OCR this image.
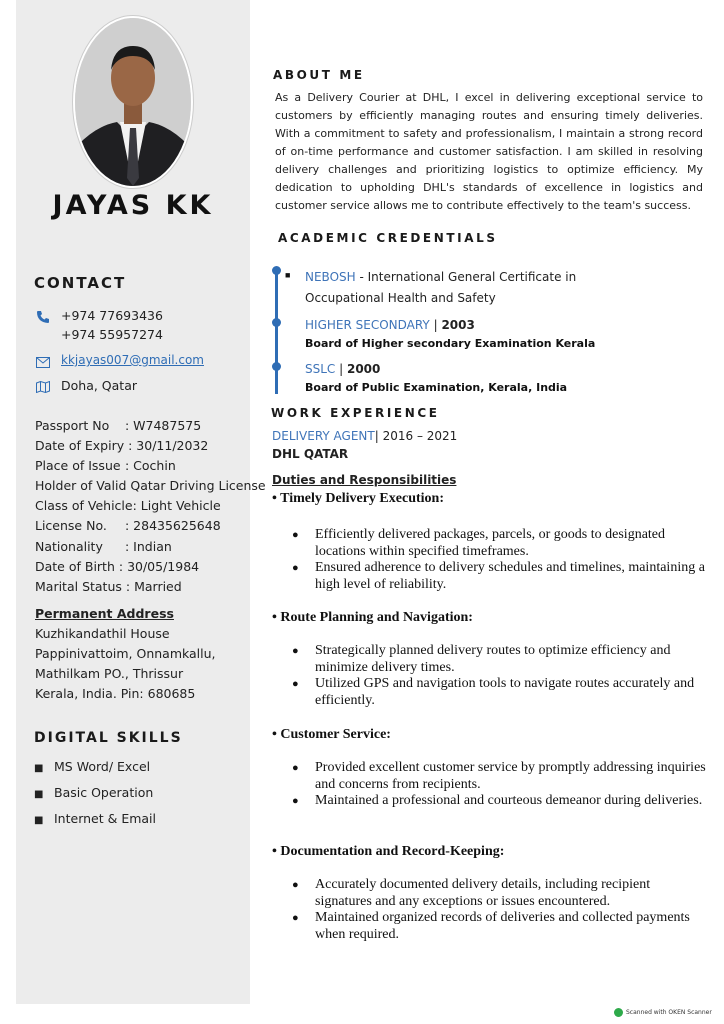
JAYAS KK
CONTACT
+974 77693436
+974 55957274
kkjayas007@gmail.com
Doha, Qatar
Passport No : W7487575
Date of Expiry : 30/11/2032
Place of Issue : Cochin
Holder of Valid Qatar Driving License
Class of Vehicle: Light Vehicle
License No. : 28435625648
Nationality : Indian
Date of Birth : 30/05/1984
Marital Status : Married
Permanent Address
Kuzhikandathil House
Pappinivattoim, Onnamkallu,
Mathilkam PO., Thrissur
Kerala, India. Pin: 680685
DIGITAL SKILLS
■ MS Word/ Excel
■ Basic Operation
■ Internet & Email
ABOUT ME
As a Delivery Courier at DHL, I excel in delivering exceptional service to customers by efficiently managing routes and ensuring timely deliveries. With a commitment to safety and professionalism, I maintain a strong record of on-time performance and customer satisfaction. I am skilled in resolving delivery challenges and prioritizing logistics to optimize efficiency. My dedication to upholding DHL's standards of excellence in logistics and customer service allows me to contribute effectively to the team's success.
ACADEMIC CREDENTIALS
■ NEBOSH - International General Certificate in
Occupational Health and Safety
HIGHER SECONDARY | 2003
Board of Higher secondary Examination Kerala
SSLC | 2000
Board of Public Examination, Kerala, India
WORK EXPERIENCE
DELIVERY AGENT| 2016 – 2021
DHL QATAR
Duties and Responsibilities
• Timely Delivery Execution:
● Efficiently delivered packages, parcels, or goods to designated locations within specified timeframes.
● Ensured adherence to delivery schedules and timelines, maintaining a high level of reliability.
• Route Planning and Navigation:
● Strategically planned delivery routes to optimize efficiency and minimize delivery times.
● Utilized GPS and navigation tools to navigate routes accurately and efficiently.
• Customer Service:
● Provided excellent customer service by promptly addressing inquiries and concerns from recipients.
● Maintained a professional and courteous demeanor during deliveries.
• Documentation and Record-Keeping:
● Accurately documented delivery details, including recipient signatures and any exceptions or issues encountered.
● Maintained organized records of deliveries and collected payments when required.
Scanned with OKEN Scanner
